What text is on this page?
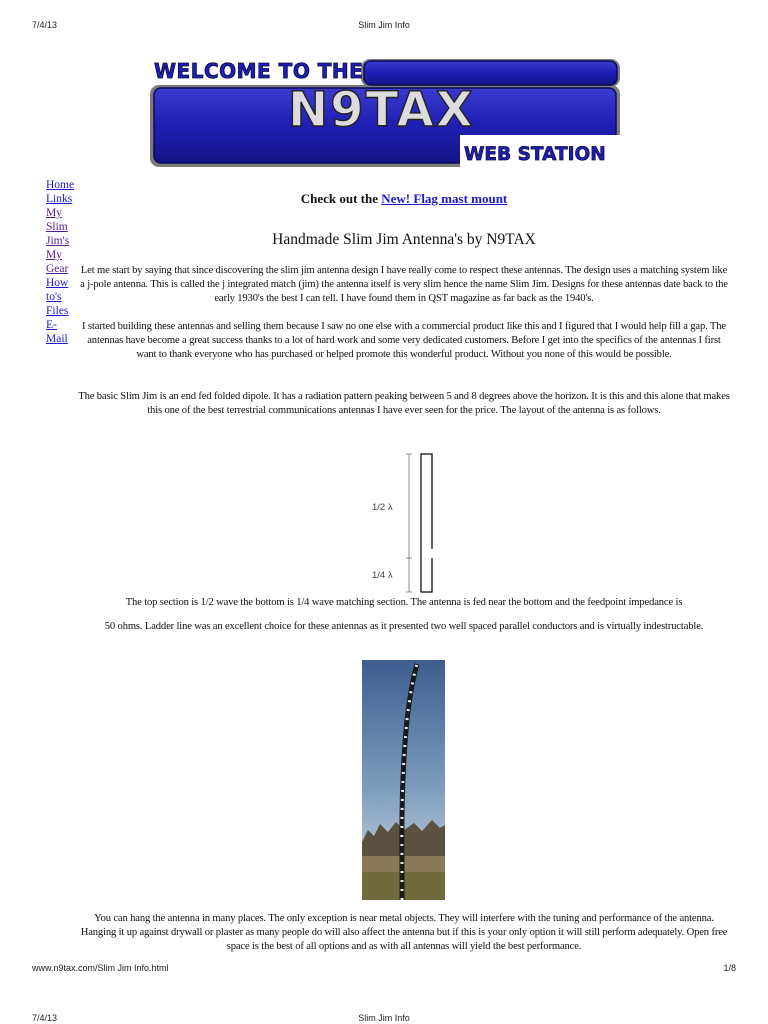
7/4/13	Slim Jim Info
WELCOME TO THE
N9TAX
WEB STATION
Home
Links
My
Slim
Jim's
My
Gear
How
to's
Files
E-
Mail
Check out the New! Flag mast mount
Handmade Slim Jim Antenna's by N9TAX
Let me start by saying that since discovering the slim jim antenna design I have really come to respect these antennas. The design uses a matching system like a j-pole antenna. This is called the j integrated match (jim) the antenna itself is very slim hence the name Slim Jim. Designs for these antennas date back to the early 1930's the best I can tell. I have found them in QST magazine as far back as the 1940's.
I started building these antennas and selling them because I saw no one else with a commercial product like this and I figured that I would help fill a gap. The antennas have become a great success thanks to a lot of hard work and some very dedicated customers. Before I get into the specifics of the antennas I first want to thank everyone who has purchased or helped promote this wonderful product. Without you none of this would be possible.
The basic Slim Jim is an end fed folded dipole. It has a radiation pattern peaking between 5 and 8 degrees above the horizon. It is this and this alone that makes this one of the best terrestrial communications antennas I have ever seen for the price. The layout of the antenna is as follows.
1/2 λ
1/4 λ
The top section is 1/2 wave the bottom is 1/4 wave matching section. The antenna is fed near the bottom and the feedpoint impedance is
50 ohms. Ladder line was an excellent choice for these antennas as it presented two well spaced parallel conductors and is virtually indestructable.
You can hang the antenna in many places. The only exception is near metal objects. They will interfere with the tuning and performance of the antenna. Hanging it up against drywall or plaster as many people do will also affect the antenna but if this is your only option it will still perform adequately. Open free space is the best of all options and as with all antennas will yield the best performance.
www.n9tax.com/Slim Jim Info.html	1/8
7/4/13	Slim Jim Info
